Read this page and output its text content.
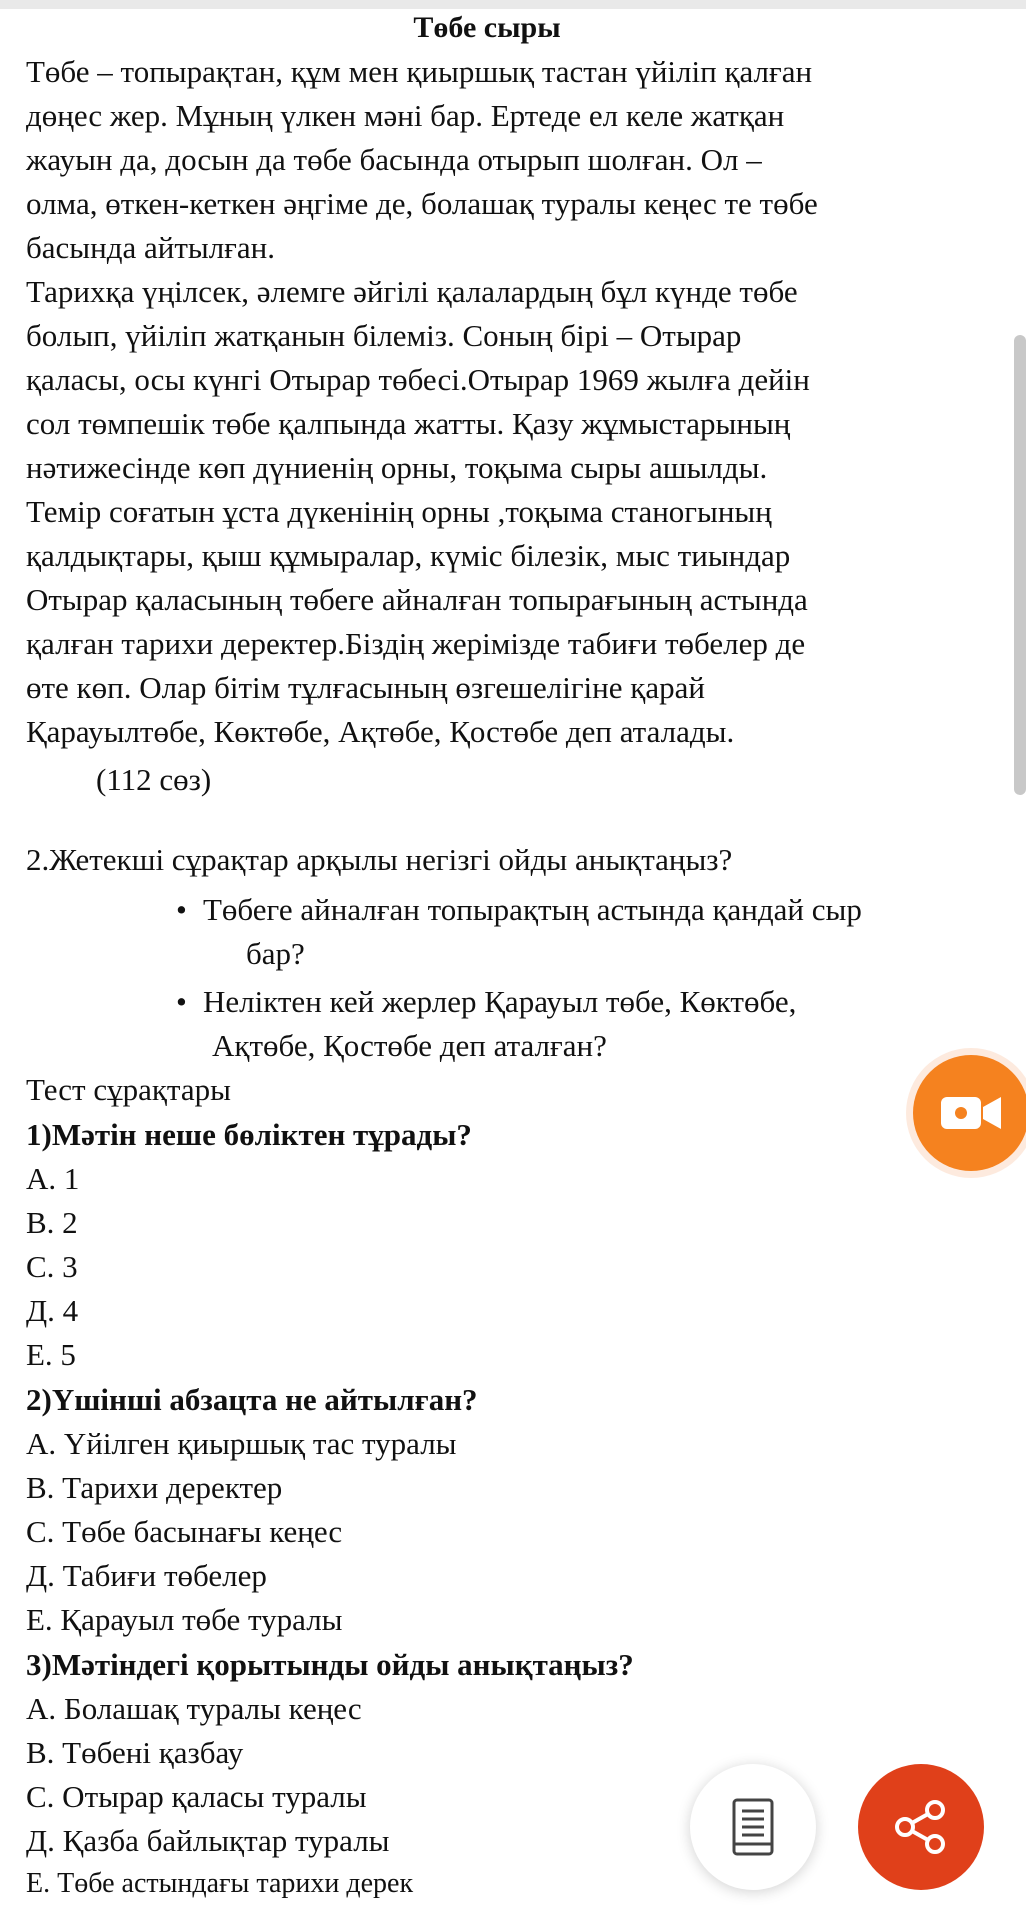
Төбе сыры
Төбе – топырақтан, құм мен қиыршық тастан үйіліп қалған
дөңес жер. Мұның үлкен мәні бар. Ертеде ел келе жатқан
жауын да, досын да төбе басында отырып шолған. Ол –
олма, өткен-кеткен әңгіме де, болашақ туралы кеңес те төбе
басында айтылған.
Тарихқа үңілсек, әлемге әйгілі қалалардың бұл күнде төбе
болып, үйіліп жатқанын білеміз. Соның бірі – Отырар
қаласы, осы күнгі Отырар төбесі.Отырар 1969 жылға дейін
сол төмпешік төбе қалпында жатты. Қазу жұмыстарының
нәтижесінде көп дүниенің орны, тоқыма сыры ашылды.
Темір соғатын ұста дүкенінің орны ,тоқыма станогының
қалдықтары, қыш құмыралар, күміс білезік, мыс тиындар
Отырар қаласының төбеге айналған топырағының астында
қалған тарихи деректер.Біздің жерімізде табиғи төбелер де
өте көп. Олар бітім тұлғасының өзгешелігіне қарай
Қарауылтөбе, Көктөбе, Ақтөбе, Қостөбе деп аталады.
(112 сөз)
2.Жетекші сұрақтар арқылы негізгі ойды анықтаңыз?
• Төбеге айналған топырақтың астында қандай сыр
бар?
• Неліктен кей жерлер Қарауыл төбе, Көктөбе,
Ақтөбе, Қостөбе деп аталған?
Тест сұрақтары
1)Мәтін неше бөліктен тұрады?
А. 1
В. 2
С. 3
Д. 4
Е. 5
2)Үшінші абзацта не айтылған?
А. Үйілген қиыршық тас туралы
В. Тарихи деректер
С. Төбе басынағы кеңес
Д. Табиғи төбелер
Е. Қарауыл төбе туралы
3)Мәтіндегі қорытынды ойды анықтаңыз?
А. Болашақ туралы кеңес
В. Төбені қазбау
С. Отырар қаласы туралы
Д. Қазба байлықтар туралы
Е. Төбе астындағы тарихи дерек
